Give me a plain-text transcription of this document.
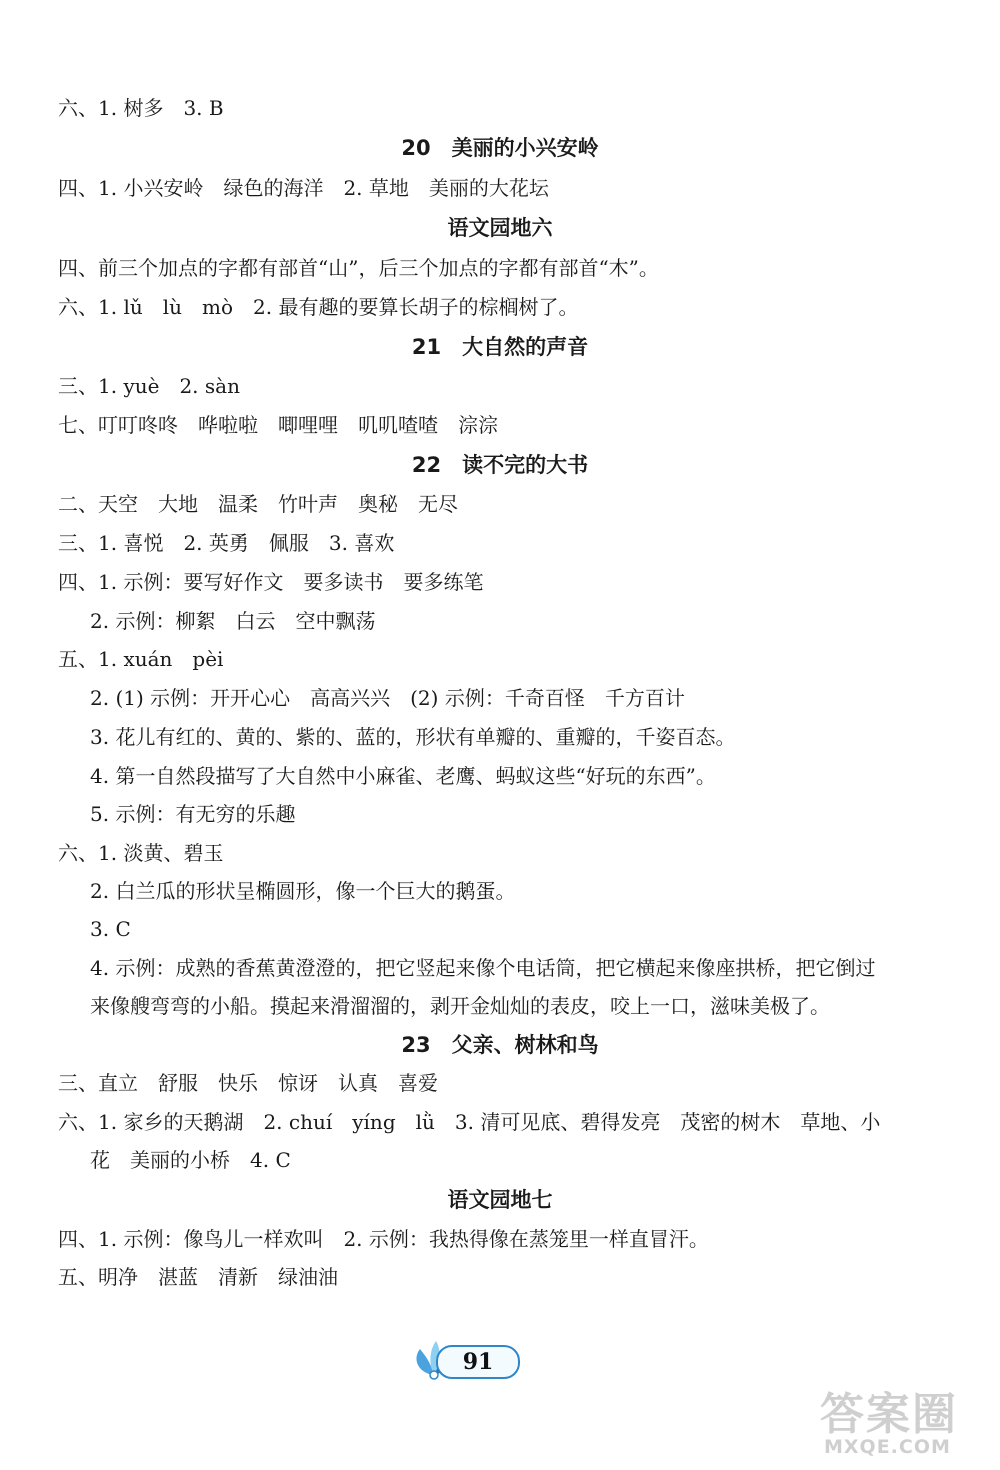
六、1. 树多　3. B
20　美丽的小兴安岭
四、1. 小兴安岭　绿色的海洋　2. 草地　美丽的大花坛
语文园地六
四、前三个加点的字都有部首“山”，后三个加点的字都有部首“木”。
六、1. lǔ　lù　mò　2. 最有趣的要算长胡子的棕榈树了。
21　大自然的声音
三、1. yuè　2. sàn
七、叮叮咚咚　哗啦啦　唧哩哩　叽叽喳喳　淙淙
22　读不完的大书
二、天空　大地　温柔　竹叶声　奥秘　无尽
三、1. 喜悦　2. 英勇　佩服　3. 喜欢
四、1. 示例：要写好作文　要多读书　要多练笔
2. 示例：柳絮　白云　空中飘荡
五、1. xuán　pèi
2. (1) 示例：开开心心　高高兴兴　(2) 示例：千奇百怪　千方百计
3. 花儿有红的、黄的、紫的、蓝的，形状有单瓣的、重瓣的，千姿百态。
4. 第一自然段描写了大自然中小麻雀、老鹰、蚂蚁这些“好玩的东西”。
5. 示例：有无穷的乐趣
六、1. 淡黄、碧玉
2. 白兰瓜的形状呈椭圆形，像一个巨大的鹅蛋。
3. C
4. 示例：成熟的香蕉黄澄澄的，把它竖起来像个电话筒，把它横起来像座拱桥，把它倒过
来像艘弯弯的小船。摸起来滑溜溜的，剥开金灿灿的表皮，咬上一口，滋味美极了。
23　父亲、树林和鸟
三、直立　舒服　快乐　惊讶　认真　喜爱
六、1. 家乡的天鹅湖　2. chuí　yíng　lǜ　3. 清可见底、碧得发亮　茂密的树木　草地、小
花　美丽的小桥　4. C
语文园地七
四、1. 示例：像鸟儿一样欢叫　2. 示例：我热得像在蒸笼里一样直冒汗。
五、明净　湛蓝　清新　绿油油
91
答案圈
MXQE.COM
